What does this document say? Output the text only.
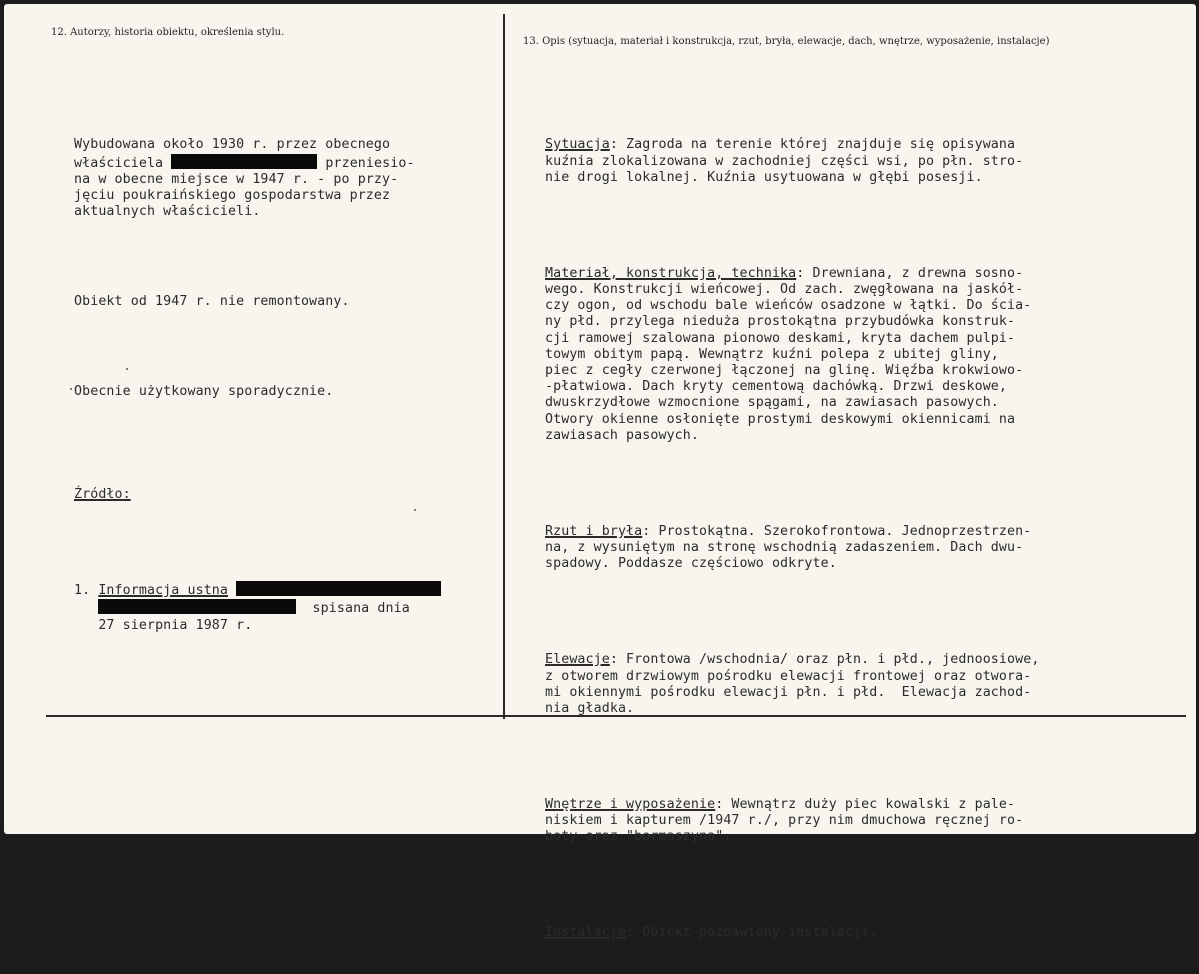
12. Autorzy, historia obiektu, określenia stylu.
13. Opis (sytuacja, materiał i konstrukcja, rzut, bryła, elewacje, dach, wnętrze, wyposażenie, instalacje)

Wybudowana około 1930 r. przez obecnego
właściciela	przeniesio-
na w obecne miejsce w 1947 r. - po przy-
jęciu poukraińskiego gospodarstwa przez
aktualnych właścicieli.

Obiekt od 1947 r. nie remontowany.

Obecnie użytkowany sporadycznie.

Źródło:

1. Informacja ustna
spisana dnia
27 sierpnia 1987 r.

Sytuacja: Zagroda na terenie której znajduje się opisywana
kuźnia zlokalizowana w zachodniej części wsi, po płn. stro-
nie drogi lokalnej. Kuźnia usytuowana w głębi posesji.

Materiał, konstrukcja, technika: Drewniana, z drewna sosno-
wego. Konstrukcji wieńcowej. Od zach. zwęgłowana na jaskół-
czy ogon, od wschodu bale wieńców osadzone w łątki. Do ścia-
ny płd. przylega nieduża prostokątna przybudówka konstruk-
cji ramowej szalowana pionowo deskami, kryta dachem pulpi-
towym obitym papą. Wewnątrz kuźni polepa z ubitej gliny,
piec z cegły czerwonej łączonej na glinę. Więźba krokwiowo-
-płatwiowa. Dach kryty cementową dachówką. Drzwi deskowe,
dwuskrzydłowe wzmocnione spągami, na zawiasach pasowych.
Otwory okienne osłonięte prostymi deskowymi okiennicami na
zawiasach pasowych.

Rzut i bryła: Prostokątna. Szerokofrontowa. Jednoprzestrzen-
na, z wysuniętym na stronę wschodnią zadaszeniem. Dach dwu-
spadowy. Poddasze częściowo odkryte.

Elewacje: Frontowa /wschodnia/ oraz płn. i płd., jednoosiowe,
z otworem drzwiowym pośrodku elewacji frontowej oraz otwora-
mi okiennymi pośrodku elewacji płn. i płd.  Elewacja zachod-
nia gładka.

Wnętrze i wyposażenie: Wewnątrz duży piec kowalski z pale-
niskiem i kapturem /1947 r./, przy nim dmuchowa ręcznej ro-
boty oraz "bormaszyna".

Instalacje: Obiekt pozbawiony instalacji.
